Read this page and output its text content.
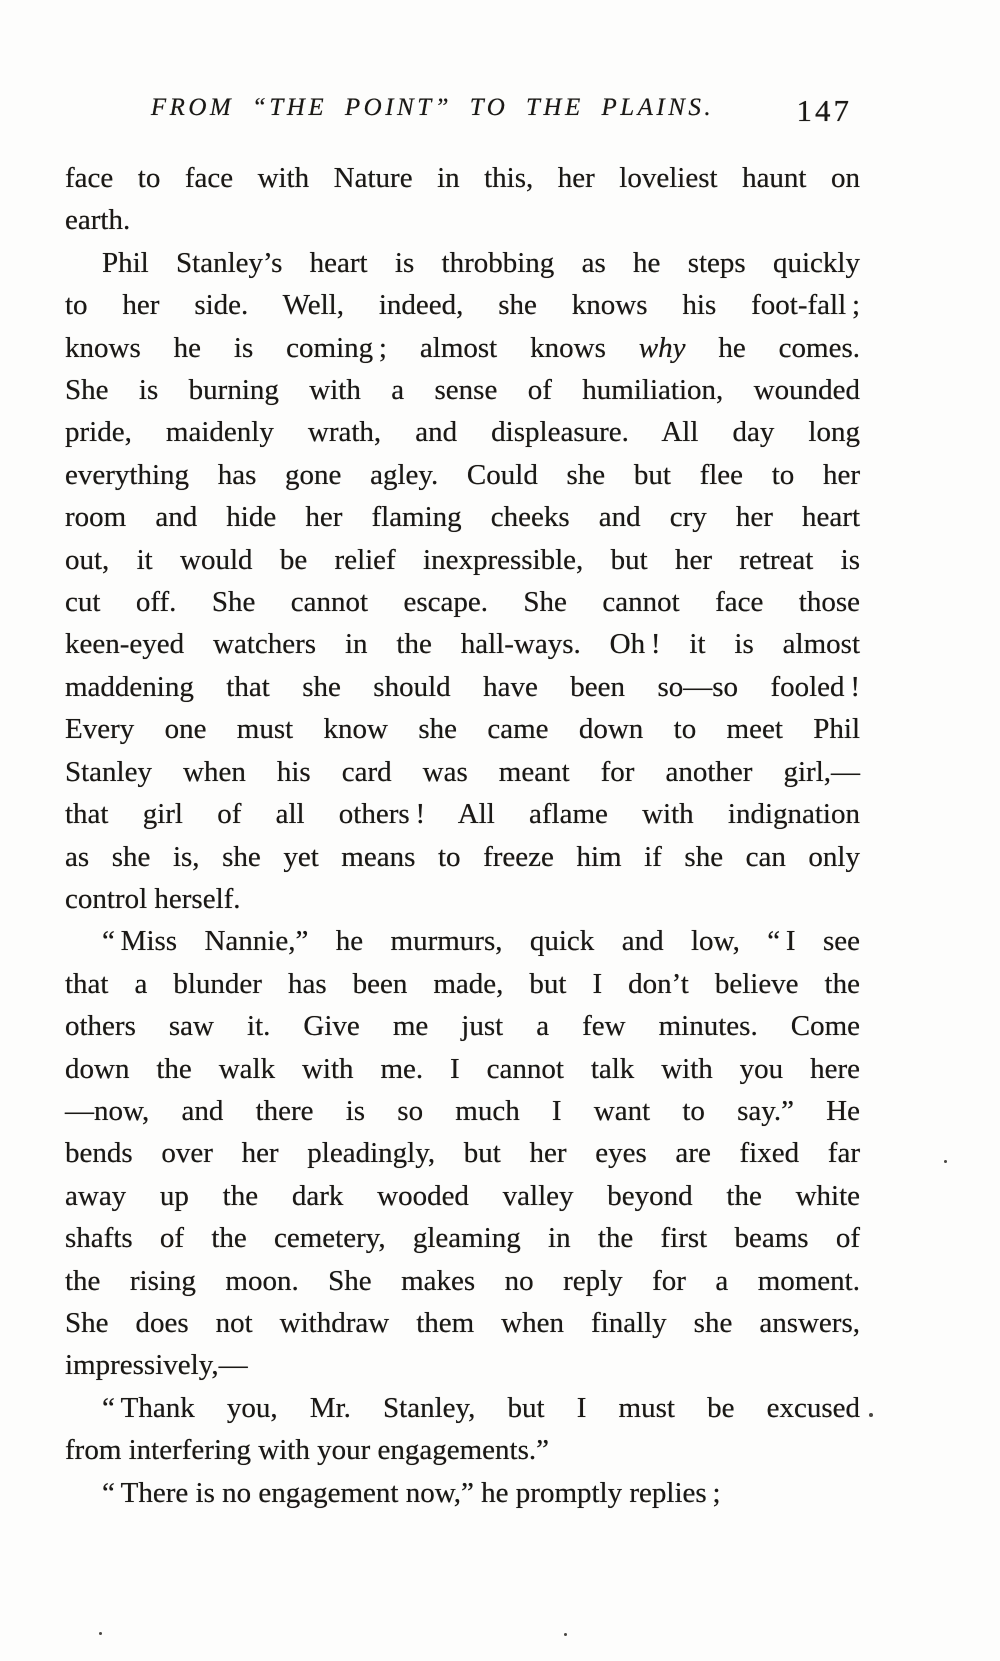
FROM “THE POINT” TO THE PLAINS.	147
face to face with Nature in this, her loveliest haunt on
earth.
Phil Stanley’s heart is throbbing as he steps quickly
to her side. Well, indeed, she knows his foot-fall ;
knows he is coming ; almost knows why he comes.
She is burning with a sense of humiliation, wounded
pride, maidenly wrath, and displeasure. All day long
everything has gone agley. Could she but flee to her
room and hide her flaming cheeks and cry her heart
out, it would be relief inexpressible, but her retreat is
cut off. She cannot escape. She cannot face those
keen-eyed watchers in the hall-ways. Oh ! it is almost
maddening that she should have been so—so fooled !
Every one must know she came down to meet Phil
Stanley when his card was meant for another girl,—
that girl of all others ! All aflame with indignation
as she is, she yet means to freeze him if she can only
control herself.
“ Miss Nannie,” he murmurs, quick and low, “ I see
that a blunder has been made, but I don’t believe the
others saw it. Give me just a few minutes. Come
down the walk with me. I cannot talk with you here
—now, and there is so much I want to say.” He
bends over her pleadingly, but her eyes are fixed far
away up the dark wooded valley beyond the white
shafts of the cemetery, gleaming in the first beams of
the rising moon. She makes no reply for a moment.
She does not withdraw them when finally she answers,
impressively,—
“ Thank you, Mr. Stanley, but I must be excused
from interfering with your engagements.”
“ There is no engagement now,” he promptly replies ;
